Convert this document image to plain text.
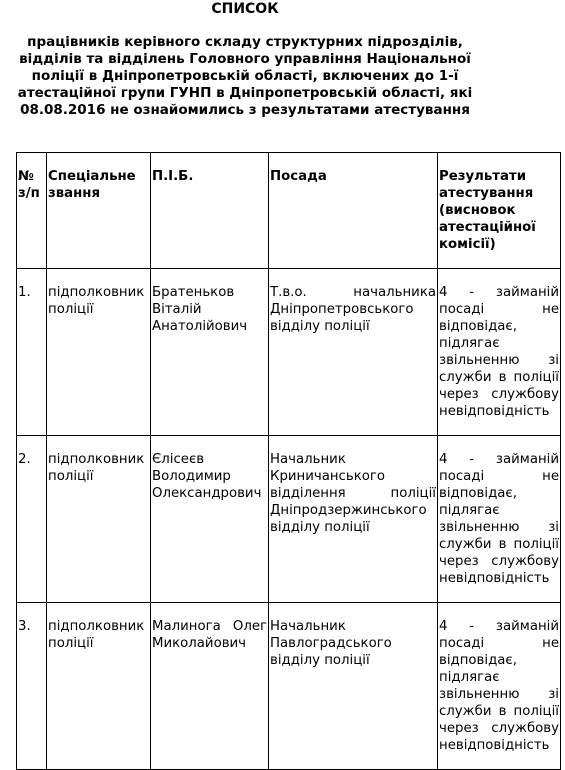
СПИСОК
працівників керівного складу структурних підрозділів,
відділів та відділень Головного управління Національної
поліції в Дніпропетровській області, включених до 1-ї
атестаційної групи ГУНП в Дніпропетровській області, які
08.08.2016 не ознайомились з результатами атестування
№ з/п	Спеціальне звання	П.І.Б.	Посада	Результати атестування (висновок атестаційної комісії)
1.	підполковник поліції	Братеньков Віталій Анатолійович	Т.в.о. начальника Дніпропетровського відділу поліції	4 - займаній посаді не відповідає, підлягає звільненню зі служби в поліції через службову невідповідність
2.	підполковник поліції	Єлісеєв Володимир Олександрович	Начальник Криничанського відділення поліції Дніпродзержинського відділу поліції	4 - займаній посаді не відповідає, підлягає звільненню зі служби в поліції через службову невідповідність
3.	підполковник поліції	Малинога Олег Миколайович	Начальник Павлоградського відділу поліції	4 - займаній посаді не відповідає, підлягає звільненню зі служби в поліції через службову невідповідність
